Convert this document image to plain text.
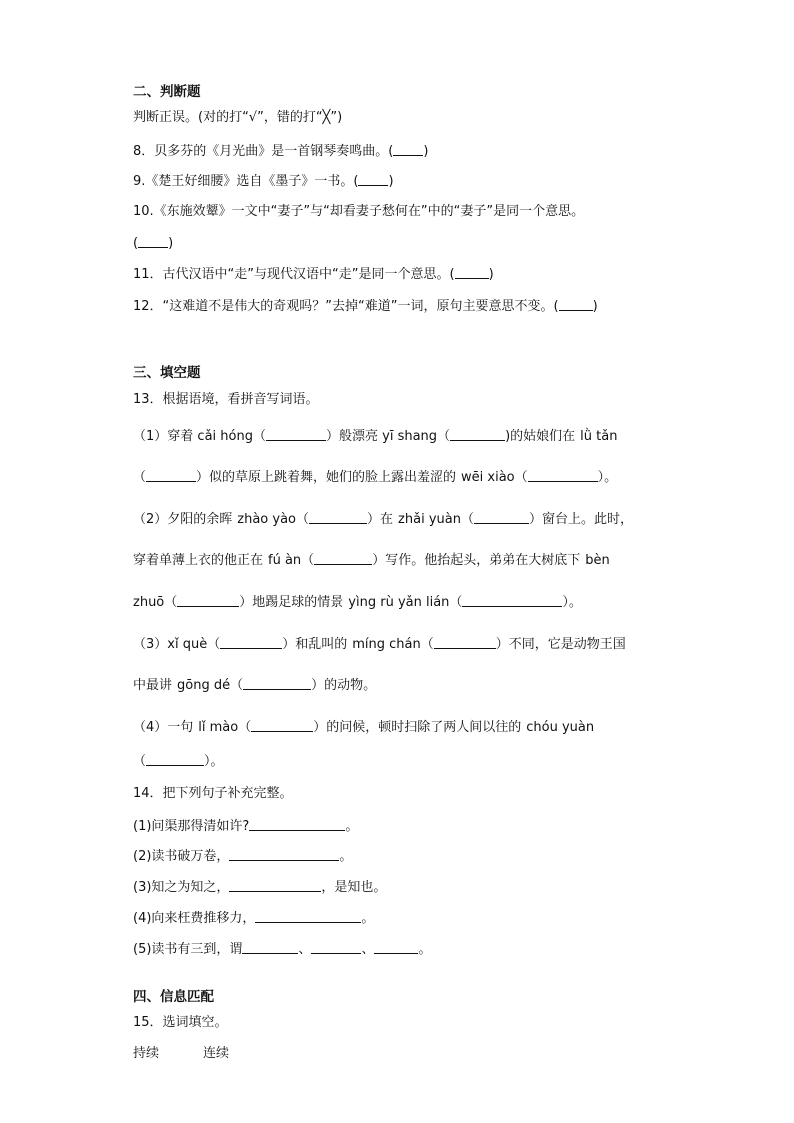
二、判断题
判断正误。(对的打“√”，错的打“╳”)
8．贝多芬的《月光曲》是一首钢琴奏鸣曲。( )
9.《楚王好细腰》选自《墨子》一书。( )
10.《东施效颦》一文中“妻子”与“却看妻子愁何在”中的“妻子”是同一个意思。
( )
11．古代汉语中“走”与现代汉语中“走”是同一个意思。(	)
12．“这难道不是伟大的奇观吗？”去掉“难道”一词，原句主要意思不变。(	)
三、填空题
13．根据语境，看拼音写词语。
（1）穿着 cǎi hóng（	）般漂亮 yī shang（	)的姑娘们在 lǜ tǎn
（	）似的草原上跳着舞，她们的脸上露出羞涩的 wēi xiào（	）。
（2）夕阳的余晖 zhào yào（	）在 zhǎi yuàn（	）窗台上。此时，
穿着单薄上衣的他正在 fú àn（	）写作。他抬起头，弟弟在大树底下 bèn
zhuō（	）地踢足球的情景 yìng rù yǎn lián（	）。
（3）xǐ què（	）和乱叫的 míng chán（	）不同，它是动物王国
中最讲 gōng dé（	）的动物。
（4）一句 lǐ mào（	）的问候，顿时扫除了两人间以往的 chóu yuàn
（	）。
14．把下列句子补充完整。
(1)问渠那得清如许?	。
(2)读书破万卷，	。
(3)知之为知之，	，是知也。
(4)向来枉费推移力，	。
(5)读书有三到，谓	、	、	。
四、信息匹配
15．选词填空。
持续	连续
